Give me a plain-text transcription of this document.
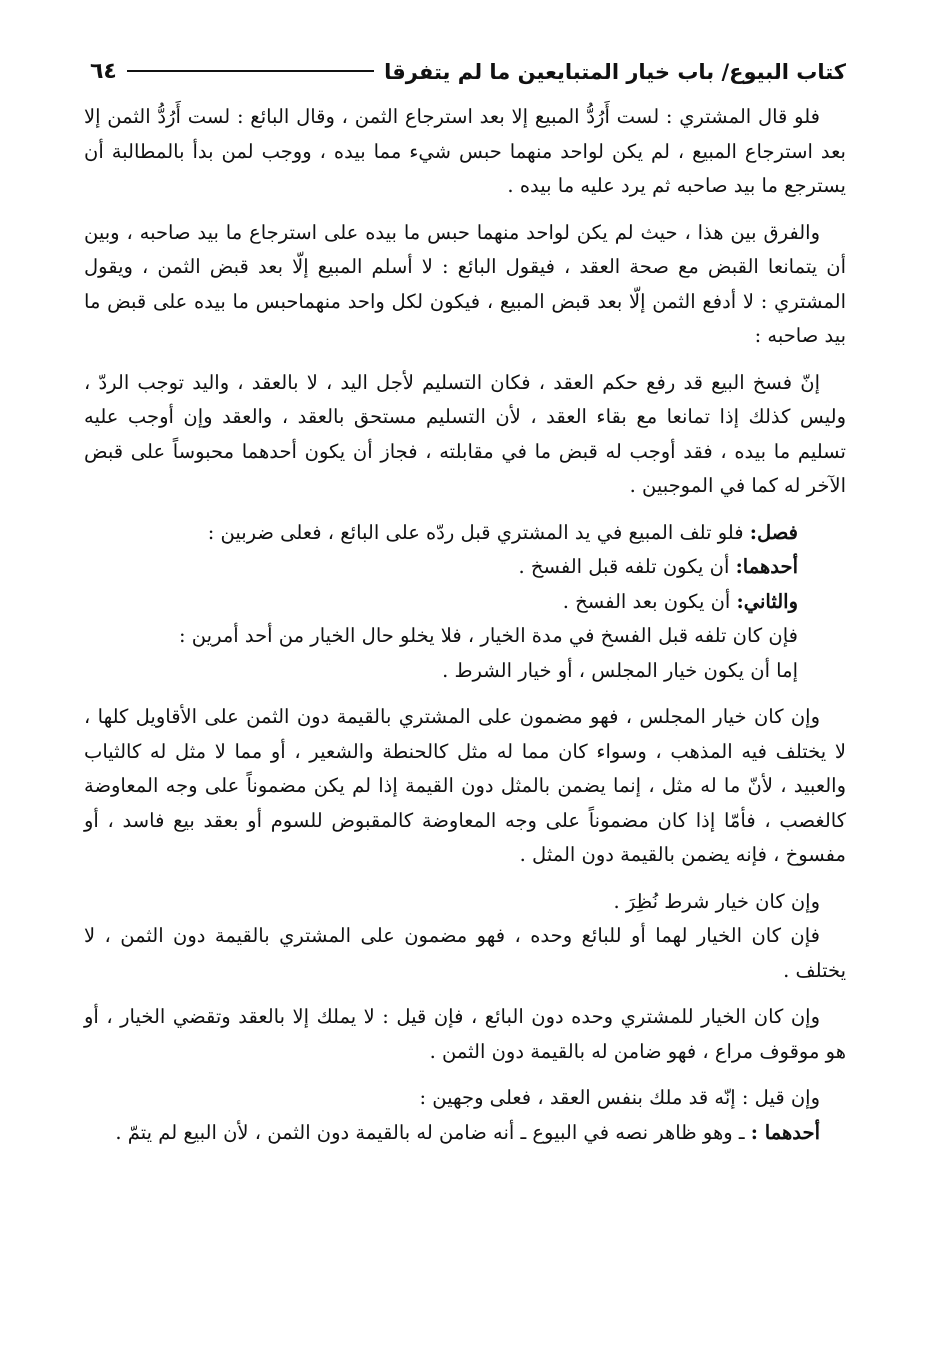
كتاب البيوع/ باب خيار المتبايعين ما لم يتفرقا
٦٤

فلو قال المشتري : لست أَرُدُّ المبيع إلا بعد استرجاع الثمن ، وقال البائع : لست أَرُدُّ الثمن إلا بعد استرجاع المبيع ، لم يكن لواحد منهما حبس شيء مما بيده ، ووجب لمن بدأ بالمطالبة أن يسترجع ما بيد صاحبه ثم يرد عليه ما بيده .

والفرق بين هذا ، حيث لم يكن لواحد منهما حبس ما بيده على استرجاع ما بيد صاحبه ، وبين أن يتمانعا القبض مع صحة العقد ، فيقول البائع : لا أسلم المبيع إلّا بعد قبض الثمن ، ويقول المشتري : لا أدفع الثمن إلّا بعد قبض المبيع ، فيكون لكل واحد منهماحبس ما بيده على قبض ما بيد صاحبه :

إنّ فسخ البيع قد رفع حكم العقد ، فكان التسليم لأجل اليد ، لا بالعقد ، واليد توجب الردّ ، وليس كذلك إذا تمانعا مع بقاء العقد ، لأن التسليم مستحق بالعقد ، والعقد وإن أوجب عليه تسليم ما بيده ، فقد أوجب له قبض ما في مقابلته ، فجاز أن يكون أحدهما محبوساً على قبض الآخر له كما في الموجبين .

فصل: فلو تلف المبيع في يد المشتري قبل ردّه على البائع ، فعلى ضربين :

أحدهما: أن يكون تلفه قبل الفسخ .

والثاني: أن يكون بعد الفسخ .

فإن كان تلفه قبل الفسخ في مدة الخيار ، فلا يخلو حال الخيار من أحد أمرين :

إما أن يكون خيار المجلس ، أو خيار الشرط .

وإن كان خيار المجلس ، فهو مضمون على المشتري بالقيمة دون الثمن على الأقاويل كلها ، لا يختلف فيه المذهب ، وسواء كان مما له مثل كالحنطة والشعير ، أو مما لا مثل له كالثياب والعبيد ، لأنّ ما له مثل ، إنما يضمن بالمثل دون القيمة إذا لم يكن مضموناً على وجه المعاوضة كالغصب ، فأمّا إذا كان مضموناً على وجه المعاوضة كالمقبوض للسوم أو بعقد بيع فاسد ، أو مفسوخ ، فإنه يضمن بالقيمة دون المثل .

وإن كان خيار شرط نُظِرَ .

فإن كان الخيار لهما أو للبائع وحده ، فهو مضمون على المشتري بالقيمة دون الثمن ، لا يختلف .

وإن كان الخيار للمشتري وحده دون البائع ، فإن قيل : لا يملك إلا بالعقد وتقضي الخيار ، أو هو موقوف مراع ، فهو ضامن له بالقيمة دون الثمن .

وإن قيل : إنّه قد ملك بنفس العقد ، فعلى وجهين :

أحدهما : ـ وهو ظاهر نصه في البيوع ـ أنه ضامن له بالقيمة دون الثمن ، لأن البيع لم يتمّ .
